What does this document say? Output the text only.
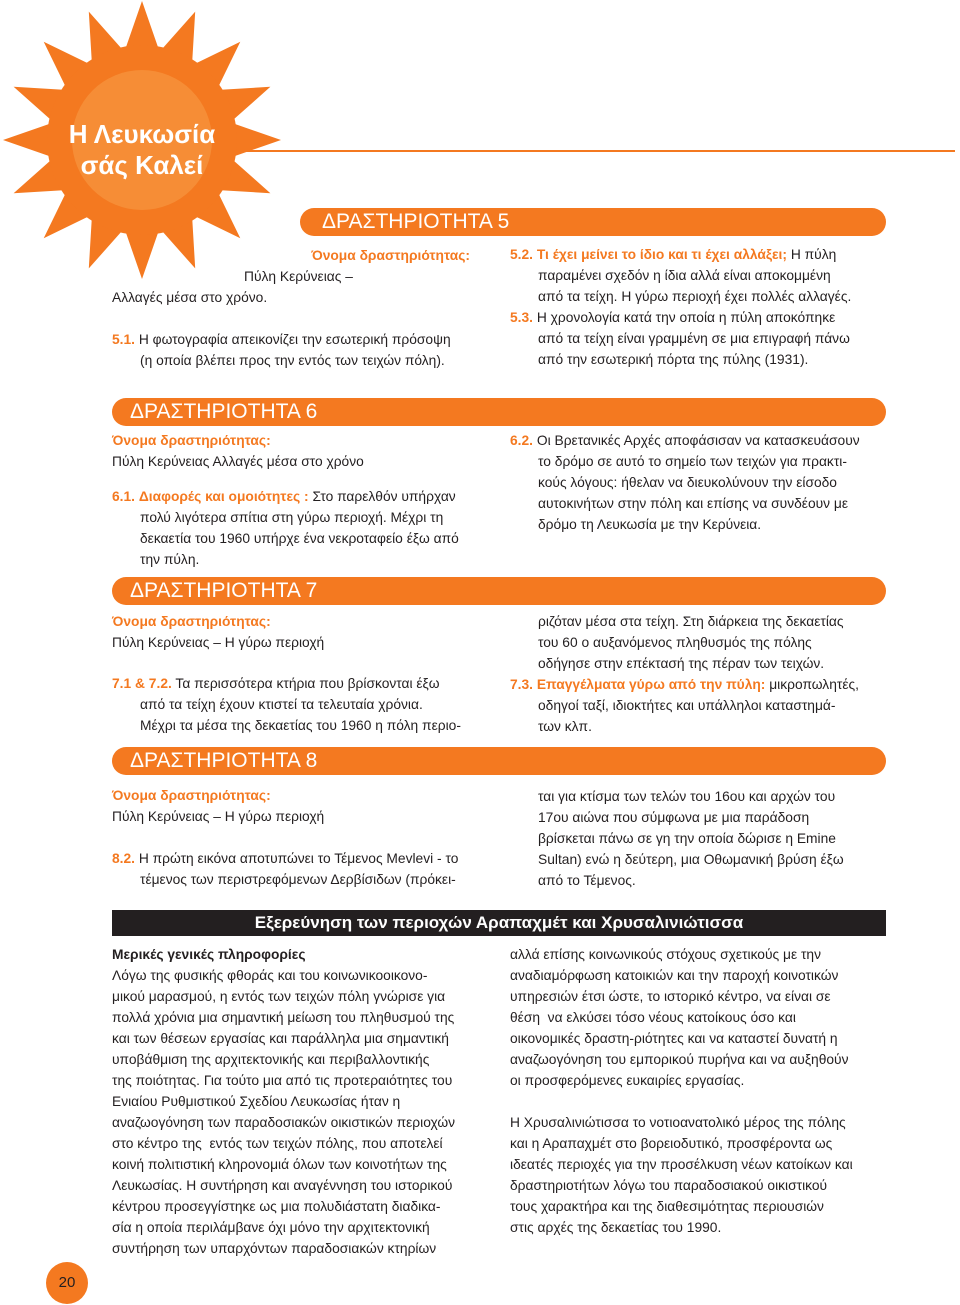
Η Λευκωσία
σάς Καλεί
ΔΡΑΣΤΗΡΙΟΤΗΤΑ 5
Όνομα δραστηριότητας:
Πύλη Κερύνειας –
Αλλαγές μέσα στο χρόνο.
5.1. Η φωτογραφία απεικονίζει την εσωτερική πρόσοψη
(η οποία βλέπει προς την εντός των τειχών πόλη).
5.2. Τι έχει μείνει το ίδιο και τι έχει αλλάξει; Η πύλη
παραμένει σχεδόν η ίδια αλλά είναι αποκομμένη
από τα τείχη. Η γύρω περιοχή έχει πολλές αλλαγές.
5.3. Η χρονολογία κατά την οποία η πύλη αποκόπηκε
από τα τείχη είναι γραμμένη σε μια επιγραφή πάνω
από την εσωτερική πόρτα της πύλης (1931).
ΔΡΑΣΤΗΡΙΟΤΗΤΑ 6
Όνομα δραστηριότητας:
Πύλη Κερύνειας Αλλαγές μέσα στο χρόνο
6.1. Διαφορές και ομοιότητες : Στο παρελθόν υπήρχαν
πολύ λιγότερα σπίτια στη γύρω περιοχή. Μέχρι τη
δεκαετία του 1960 υπήρχε ένα νεκροταφείο έξω από
την πύλη.
6.2. Οι Βρετανικές Αρχές αποφάσισαν να κατασκευάσουν
το δρόμο σε αυτό το σημείο των τειχών για πρακτι-
κούς λόγους: ήθελαν να διευκολύνουν την είσοδο
αυτοκινήτων στην πόλη και επίσης να συνδέουν με
δρόμο τη Λευκωσία με την Κερύνεια.
ΔΡΑΣΤΗΡΙΟΤΗΤΑ 7
Όνομα δραστηριότητας:
Πύλη Κερύνειας – Η γύρω περιοχή
7.1 & 7.2. Τα περισσότερα κτήρια που βρίσκονται έξω
από τα τείχη έχουν κτιστεί τα τελευταία χρόνια.
Μέχρι τα μέσα της δεκαετίας του 1960 η πόλη περιο-
ριζόταν μέσα στα τείχη. Στη διάρκεια της δεκαετίας
του 60 ο αυξανόμενος πληθυσμός της πόλης
οδήγησε στην επέκτασή της πέραν των τειχών.
7.3. Επαγγέλματα γύρω από την πύλη: μικροπωλητές,
οδηγοί ταξί, ιδιοκτήτες και υπάλληλοι καταστημά-
των κλπ.
ΔΡΑΣΤΗΡΙΟΤΗΤΑ 8
Όνομα δραστηριότητας:
Πύλη Κερύνειας – Η γύρω περιοχή
8.2. Η πρώτη εικόνα αποτυπώνει το Τέμενος Mevlevi - το
τέμενος των περιστρεφόμενων Δερβίσιδων (πρόκει-
ται για κτίσμα των τελών του 16ου και αρχών του
17ου αιώνα που σύμφωνα με μια παράδοση
βρίσκεται πάνω σε γη την οποία δώρισε η Emine
Sultan) ενώ η δεύτερη, μια Οθωμανική βρύση έξω
από το Τέμενος.
Εξερεύνηση των περιοχών Αραπαχμέτ και Χρυσαλινιώτισσα
Μερικές γενικές πληροφορίες
Λόγω της φυσικής φθοράς και του κοινωνικοοικονο-
μικού μαρασμού, η εντός των τειχών πόλη γνώρισε για
πολλά χρόνια μια σημαντική μείωση του πληθυσμού της
και των θέσεων εργασίας και παράλληλα μια σημαντική
υποβάθμιση της αρχιτεκτονικής και περιβαλλοντικής
της ποιότητας. Για τούτο μια από τις προτεραιότητες του
Ενιαίου Ρυθμιστικού Σχεδίου Λευκωσίας ήταν η
αναζωογόνηση των παραδοσιακών οικιστικών περιοχών
στο κέντρο της  εντός των τειχών πόλης, που αποτελεί
κοινή πολιτιστική κληρονομιά όλων των κοινοτήτων της
Λευκωσίας. Η συντήρηση και αναγέννηση του ιστορικού
κέντρου προσεγγίστηκε ως μια πολυδιάστατη διαδικα-
σία η οποία περιλάμβανε όχι μόνο την αρχιτεκτονική
συντήρηση των υπαρχόντων παραδοσιακών κτηρίων
αλλά επίσης κοινωνικούς στόχους σχετικούς με την
αναδιαμόρφωση κατοικιών και την παροχή κοινοτικών
υπηρεσιών έτσι ώστε, το ιστορικό κέντρο, να είναι σε
θέση  να ελκύσει τόσο νέους κατοίκους όσο και
οικονομικές δραστη-ριότητες και να καταστεί δυνατή η
αναζωογόνηση του εμπορικού πυρήνα και να αυξηθούν
οι προσφερόμενες ευκαιρίες εργασίας.
Η Χρυσαλινιώτισσα το νοτιοανατολικό μέρος της πόλης
και η Αραπαχμέτ στο βορειοδυτικό, προσφέροντα ως
ιδεατές περιοχές για την προσέλκυση νέων κατοίκων και
δραστηριοτήτων λόγω του παραδοσιακού οικιστικού
τους χαρακτήρα και της διαθεσιμότητας περιουσιών
στις αρχές της δεκαετίας του 1990.
20
